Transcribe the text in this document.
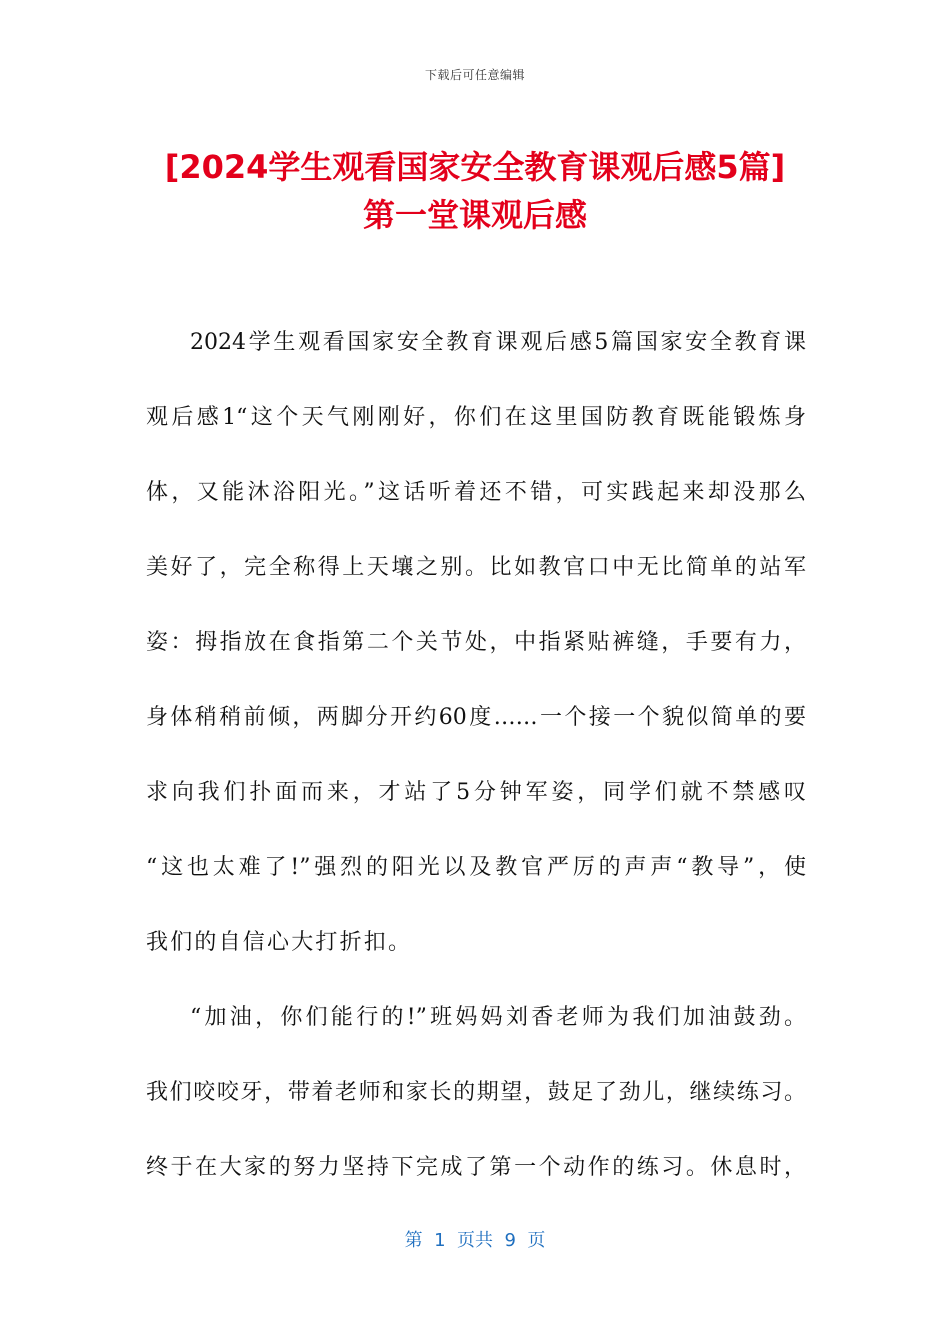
下载后可任意编辑
[2024学生观看国家安全教育课观后感5篇]
第一堂课观后感
2024学生观看国家安全教育课观后感5篇国家安全教育课
观后感1“这个天气刚刚好，你们在这里国防教育既能锻炼身
体，又能沐浴阳光。”这话听着还不错，可实践起来却没那么
美好了，完全称得上天壤之别。比如教官口中无比简单的站军
姿：拇指放在食指第二个关节处，中指紧贴裤缝，手要有力，
身体稍稍前倾，两脚分开约60度……一个接一个貌似简单的要
求向我们扑面而来，才站了5分钟军姿，同学们就不禁感叹
“这也太难了!”强烈的阳光以及教官严厉的声声“教导”，使
我们的自信心大打折扣。
“加油，你们能行的!”班妈妈刘香老师为我们加油鼓劲。
我们咬咬牙，带着老师和家长的期望，鼓足了劲儿，继续练习。
终于在大家的努力坚持下完成了第一个动作的练习。休息时，
第  1  页共  9  页
